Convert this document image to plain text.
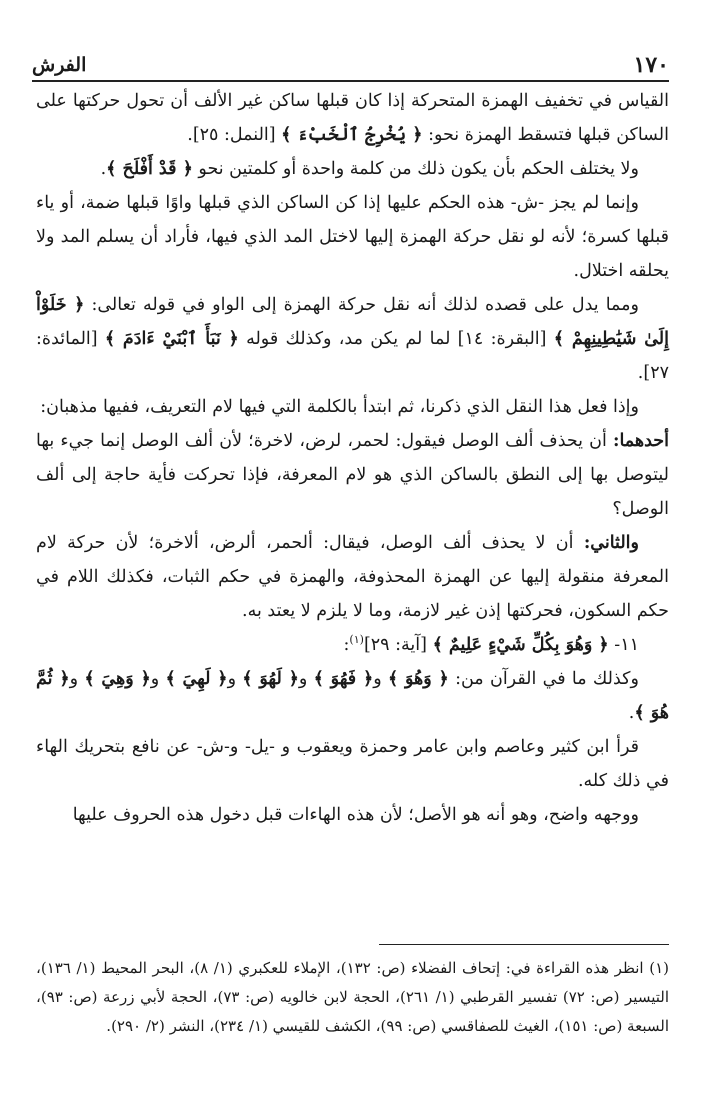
الفرش	١٧٠

القياس في تخفيف الهمزة المتحركة إذا كان قبلها ساكن غير الألف أن تحول حركتها على الساكن قبلها فتسقط الهمزة نحو: ﴿ يُخْرِجُ ٱلْخَبْءَ ﴾ [النمل: ٢٥].

ولا يختلف الحكم بأن يكون ذلك من كلمة واحدة أو كلمتين نحو ﴿ قَدْ أَفْلَحَ ﴾.

وإنما لم يجز -ش- هذه الحكم عليها إذا كن الساكن الذي قبلها واوًا قبلها ضمة، أو ياء قبلها كسرة؛ لأنه لو نقل حركة الهمزة إليها لاختل المد الذي فيها، فأراد أن يسلم المد ولا يحلقه اختلال.

ومما يدل على قصده لذلك أنه نقل حركة الهمزة إلى الواو في قوله تعالى: ﴿ خَلَوْاْ إِلَىٰ شَيَٰطِينِهِمْ ﴾ [البقرة: ١٤] لما لم يكن مد، وكذلك قوله ﴿ نَبَأَ ٱبْنَيْ ءَادَمَ ﴾ [المائدة: ٢٧].

وإذا فعل هذا النقل الذي ذكرنا، ثم ابتدأ بالكلمة التي فيها لام التعريف، ففيها مذهبان:

أحدهما: أن يحذف ألف الوصل فيقول: لحمر، لرض، لاخرة؛ لأن ألف الوصل إنما جيء بها ليتوصل بها إلى النطق بالساكن الذي هو لام المعرفة، فإذا تحركت فأية حاجة إلى ألف الوصل؟

والثاني: أن لا يحذف ألف الوصل، فيقال: ألحمر، ألرض، ألاخرة؛ لأن حركة لام المعرفة منقولة إليها عن الهمزة المحذوفة، والهمزة في حكم الثبات، فكذلك اللام في حكم السكون، فحركتها إذن غير لازمة، وما لا يلزم لا يعتد به.

١١- ﴿ وَهُوَ بِكُلِّ شَيْءٍ عَلِيمٌ ﴾ [آية: ٢٩]$^{(١)}$:

وكذلك ما في القرآن من: ﴿ وَهُوَ ﴾ و﴿ فَهُوَ ﴾ و﴿ لَهُوَ ﴾ و﴿ لَهِيَ ﴾ و﴿ وَهِيَ ﴾ و﴿ ثُمَّ هُوَ ﴾.

قرأ ابن كثير وعاصم وابن عامر وحمزة ويعقوب و -يل- و-ش- عن نافع بتحريك الهاء في ذلك كله.

ووجهه واضح، وهو أنه هو الأصل؛ لأن هذه الهاءات قبل دخول هذه الحروف عليها

(١) انظر هذه القراءة في: إتحاف الفضلاء (ص: ١٣٢)، الإملاء للعكبري (١/ ٨)، البحر المحيط (١/ ١٣٦)، التيسير (ص: ٧٢) تفسير القرطبي (١/ ٢٦١)، الحجة لابن خالويه (ص: ٧٣)، الحجة لأبي زرعة (ص: ٩٣)، السبعة (ص: ١٥١)، الغيث للصفاقسي (ص: ٩٩)، الكشف للقيسي (١/ ٢٣٤)، النشر (٢/ ٢٩٠).
